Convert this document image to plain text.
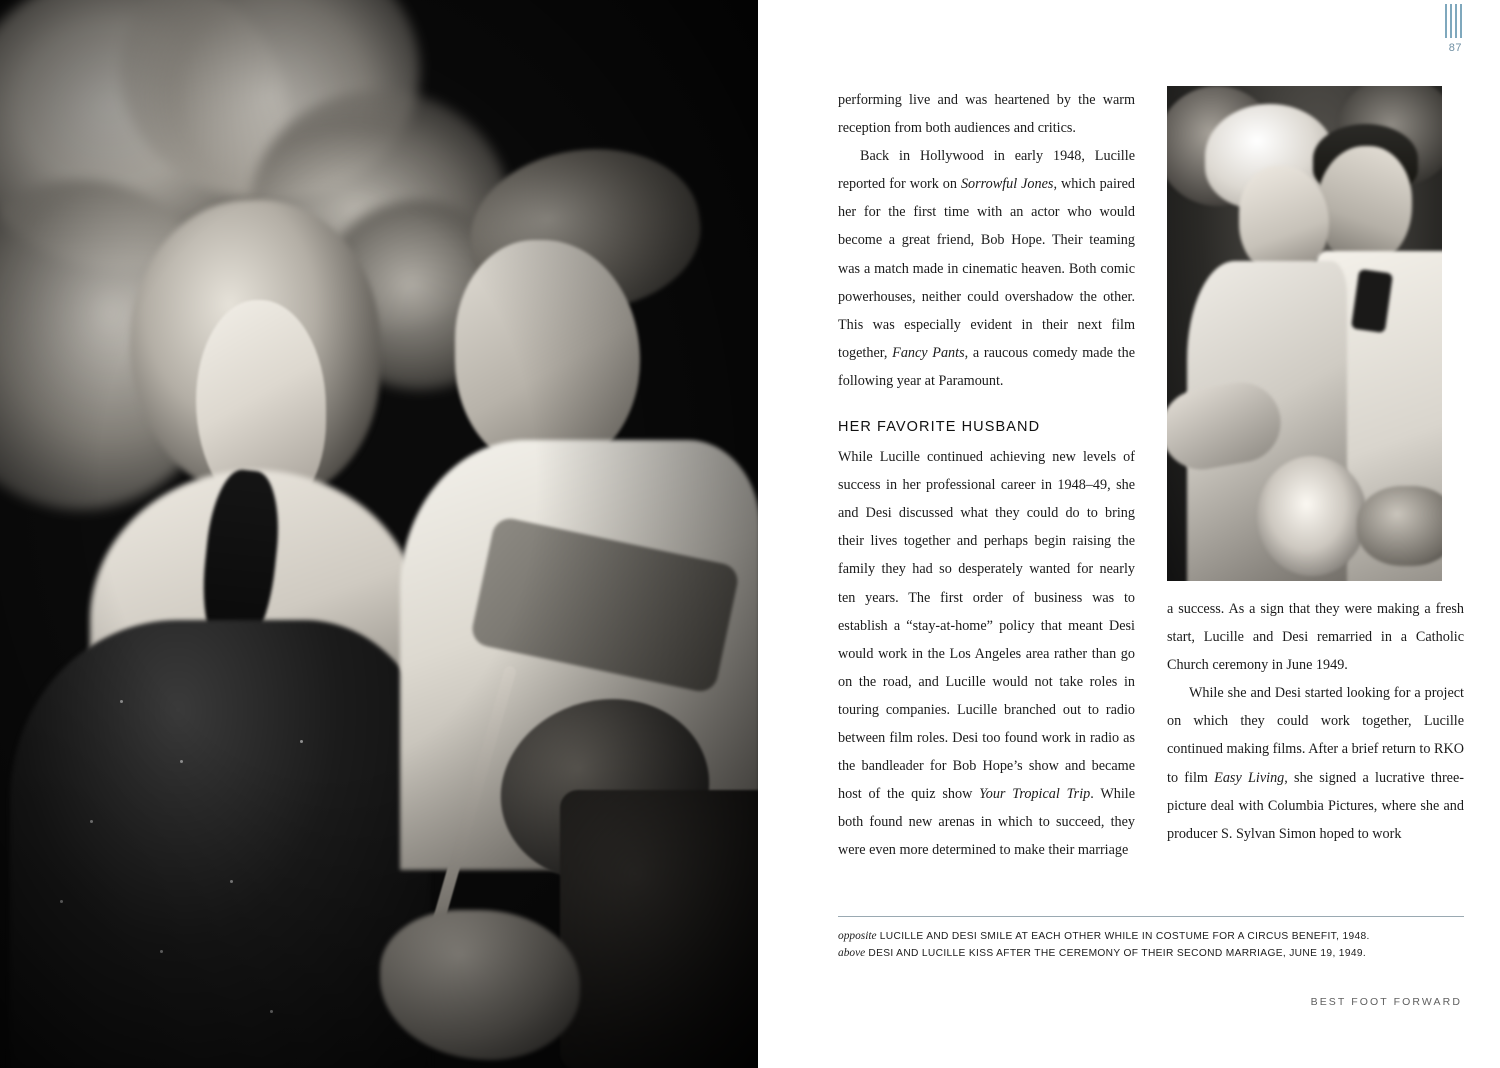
87

performing live and was heartened by the warm reception from both audiences and critics.

Back in Hollywood in early 1948, Lucille reported for work on Sorrowful Jones, which paired her for the first time with an actor who would become a great friend, Bob Hope. Their teaming was a match made in cinematic heaven. Both comic powerhouses, neither could overshadow the other. This was especially evident in their next film together, Fancy Pants, a raucous comedy made the following year at Paramount.

HER FAVORITE HUSBAND

While Lucille continued achieving new levels of success in her professional career in 1948–49, she and Desi discussed what they could do to bring their lives together and perhaps begin raising the family they had so desperately wanted for nearly ten years. The first order of business was to establish a “stay-at-home” policy that meant Desi would work in the Los Angeles area rather than go on the road, and Lucille would not take roles in touring companies. Lucille branched out to radio between film roles. Desi too found work in radio as the bandleader for Bob Hope’s show and became host of the quiz show Your Tropical Trip. While both found new arenas in which to succeed, they were even more determined to make their marriage

a success. As a sign that they were making a fresh start, Lucille and Desi remarried in a Catholic Church ceremony in June 1949.

While she and Desi started looking for a project on which they could work together, Lucille continued making films. After a brief return to RKO to film Easy Living, she signed a lucrative three-picture deal with Columbia Pictures, where she and producer S. Sylvan Simon hoped to work

opposite LUCILLE AND DESI SMILE AT EACH OTHER WHILE IN COSTUME FOR A CIRCUS BENEFIT, 1948.
above DESI AND LUCILLE KISS AFTER THE CEREMONY OF THEIR SECOND MARRIAGE, JUNE 19, 1949.
BEST FOOT FORWARD
